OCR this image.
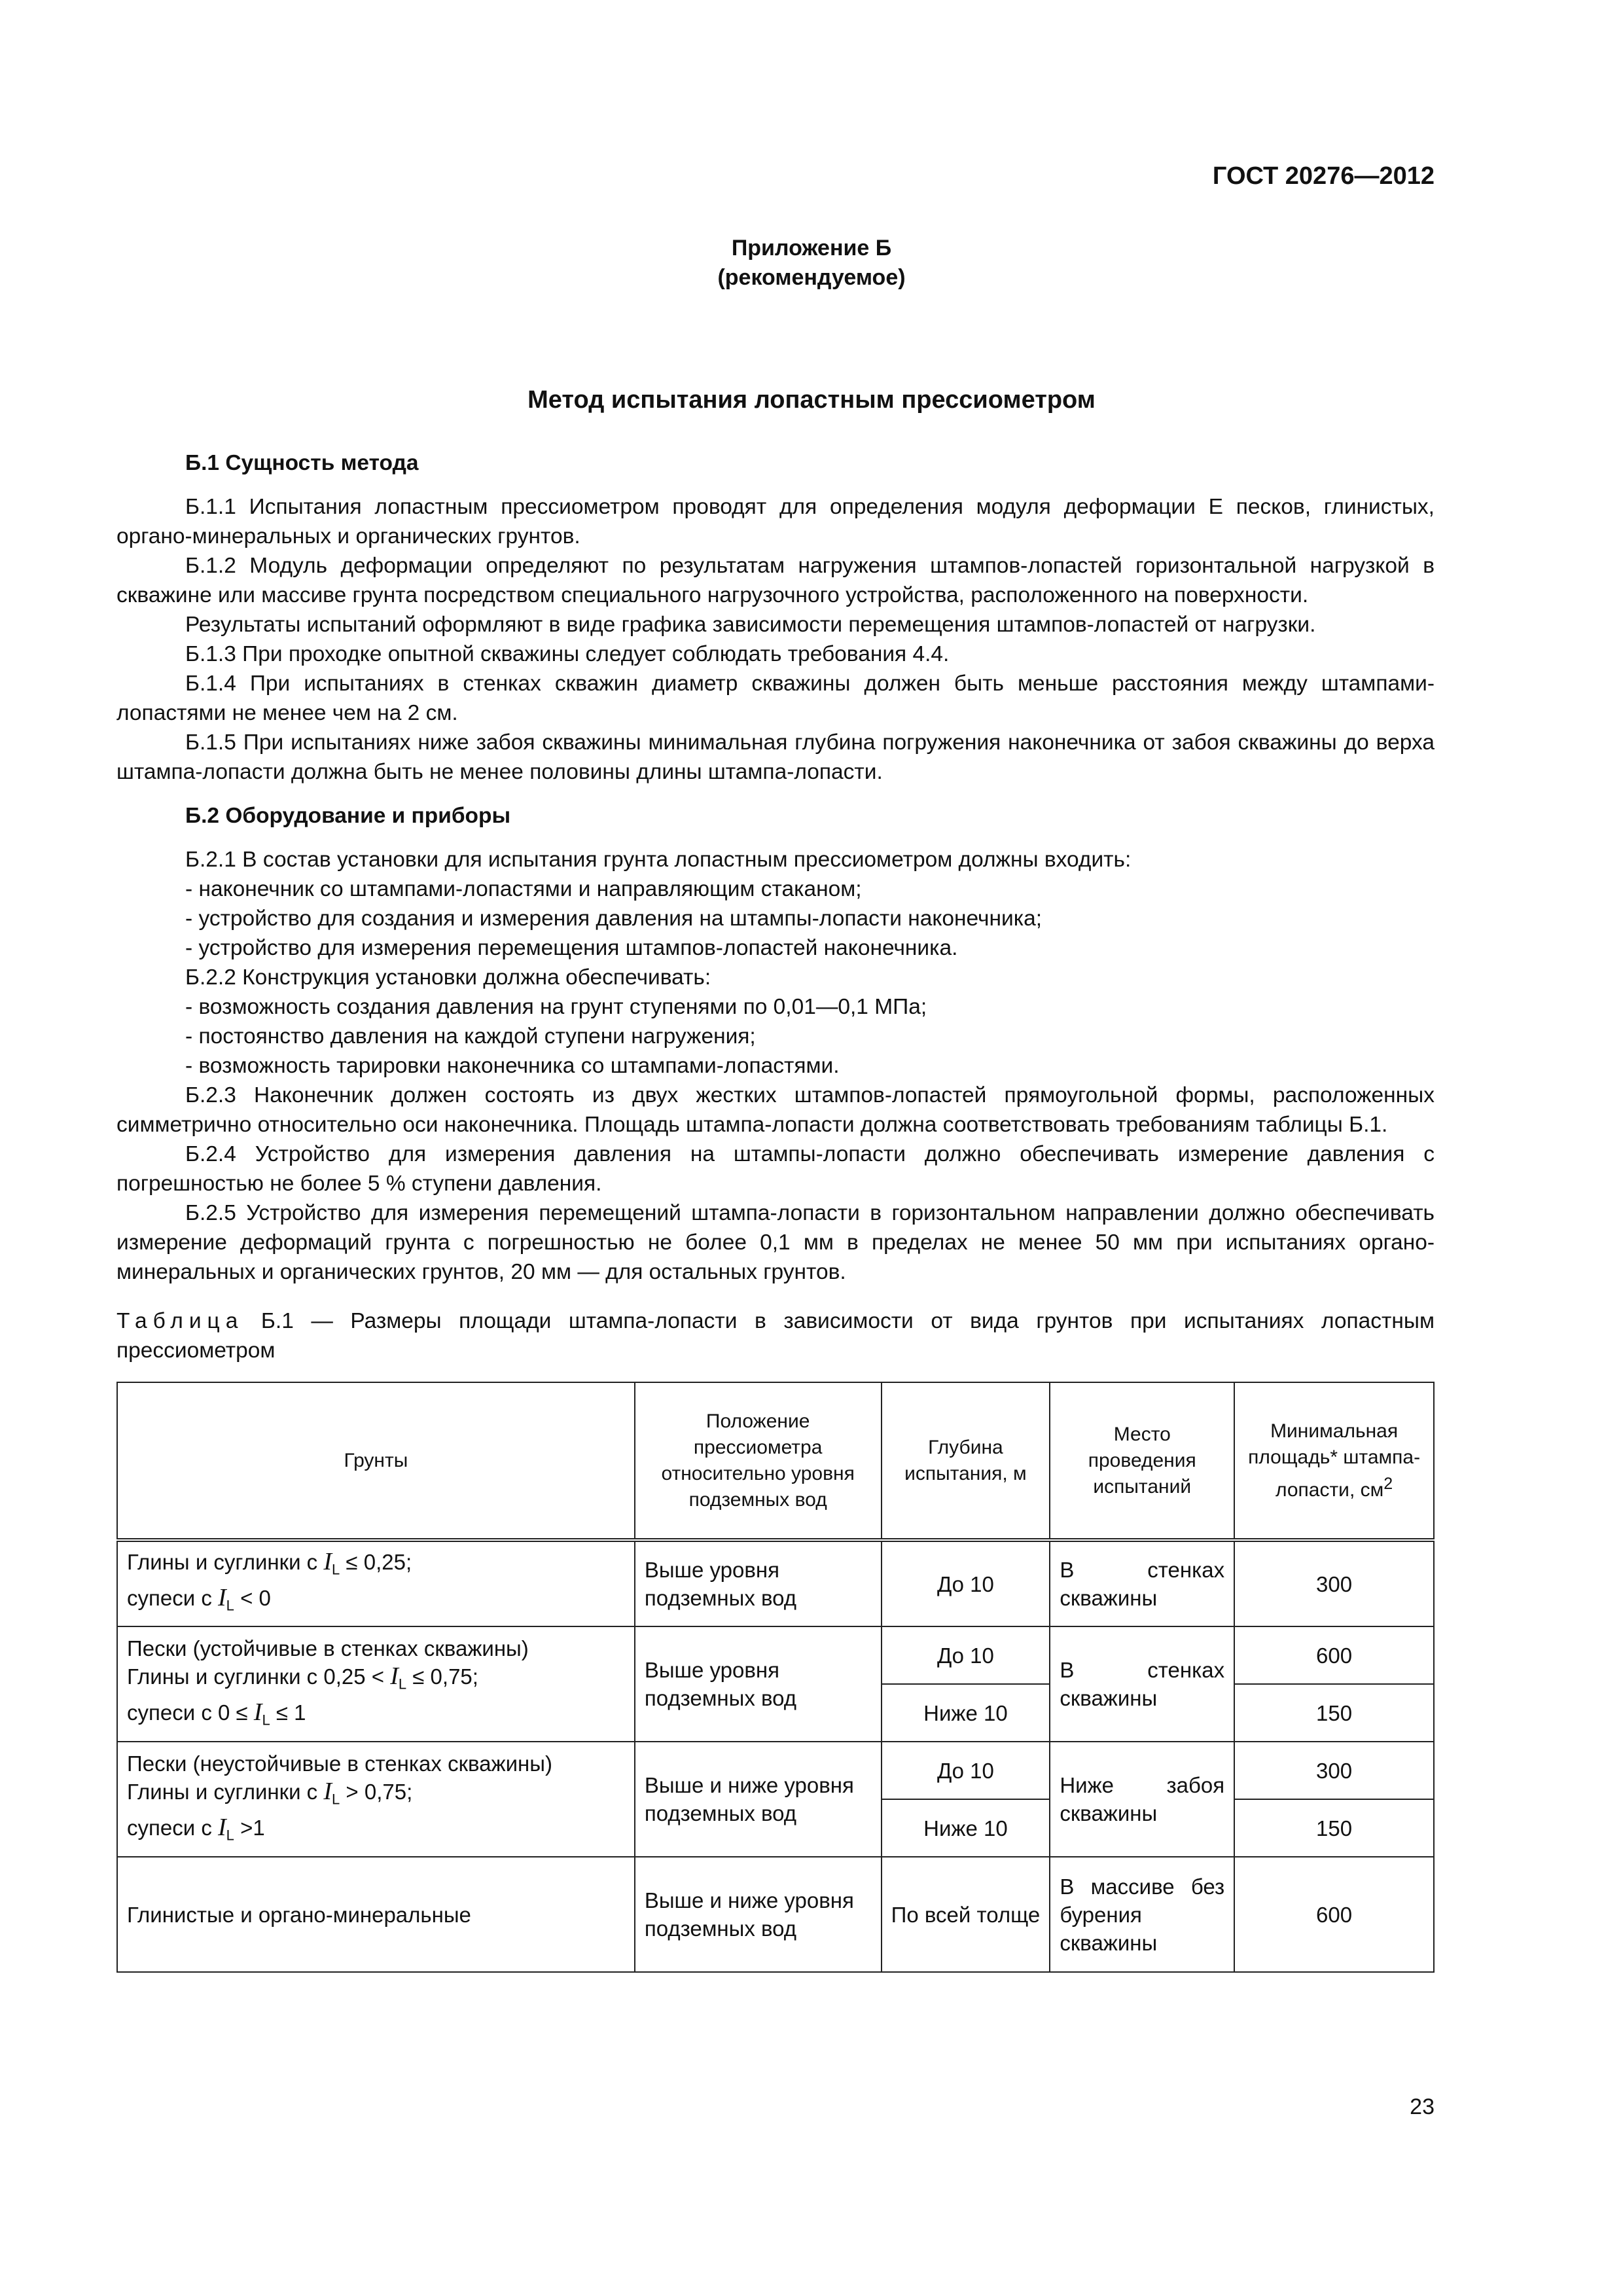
ГОСТ 20276—2012
Приложение Б
(рекомендуемое)
Метод испытания лопастным прессиометром
Б.1 Сущность метода

Б.1.1 Испытания лопастным прессиометром проводят для определения модуля деформации E песков, глинистых, органо-минеральных и органических грунтов.

Б.1.2 Модуль деформации определяют по результатам нагружения штампов-лопастей горизонтальной нагрузкой в скважине или массиве грунта посредством специального нагрузочного устройства, расположенного на поверхности.

Результаты испытаний оформляют в виде графика зависимости перемещения штампов-лопастей от нагрузки.

Б.1.3 При проходке опытной скважины следует соблюдать требования 4.4.

Б.1.4 При испытаниях в стенках скважин диаметр скважины должен быть меньше расстояния между штампами-лопастями не менее чем на 2 см.

Б.1.5 При испытаниях ниже забоя скважины минимальная глубина погружения наконечника от забоя скважины до верха штампа-лопасти должна быть не менее половины длины штампа-лопасти.

Б.2 Оборудование и приборы

Б.2.1 В состав установки для испытания грунта лопастным прессиометром должны входить:

- наконечник со штампами-лопастями и направляющим стаканом;

- устройство для создания и измерения давления на штампы-лопасти наконечника;

- устройство для измерения перемещения штампов-лопастей наконечника.

Б.2.2 Конструкция установки должна обеспечивать:

- возможность создания давления на грунт ступенями по 0,01—0,1 МПа;

- постоянство давления на каждой ступени нагружения;

- возможность тарировки наконечника со штампами-лопастями.

Б.2.3 Наконечник должен состоять из двух жестких штампов-лопастей прямоугольной формы, расположенных симметрично относительно оси наконечника. Площадь штампа-лопасти должна соответствовать требованиям таблицы Б.1.

Б.2.4 Устройство для измерения давления на штампы-лопасти должно обеспечивать измерение давления с погрешностью не более 5 % ступени давления.

Б.2.5 Устройство для измерения перемещений штампа-лопасти в горизонтальном направлении должно обеспечивать измерение деформаций грунта с погрешностью не более 0,1 мм в пределах не менее 50 мм при испытаниях органо-минеральных и органических грунтов, 20 мм — для остальных грунтов.

Таблица Б.1 — Размеры площади штампа-лопасти в зависимости от вида грунтов при испытаниях лопастным прессиометром
Грунты	Положение прессиометра относительно уровня подземных вод	Глубина испытания, м	Место проведения испытаний	Минимальная площадь* штампа-лопасти, $см^2$
Глины и суглинки с $I_L \le 0,25$;
супеси с $I_L < 0$	Выше уровня подземных вод	До 10	В стенках скважины	300
Пески (устойчивые в стенках скважины)
Глины и суглинки с $0,25 < I_L \le 0,75$;
супеси с $0 \le I_L \le 1$	Выше уровня подземных вод	До 10	В стенках скважины	600
		Ниже 10		150
Пески (неустойчивые в стенках скважины)
Глины и суглинки с $I_L > 0,75$;
супеси с $I_L >1$	Выше и ниже уровня подземных вод	До 10	Ниже забоя скважины	300
		Ниже 10		150
Глинистые и органо-минеральные	Выше и ниже уровня подземных вод	По всей толще	В массиве без бурения скважины	600
23
